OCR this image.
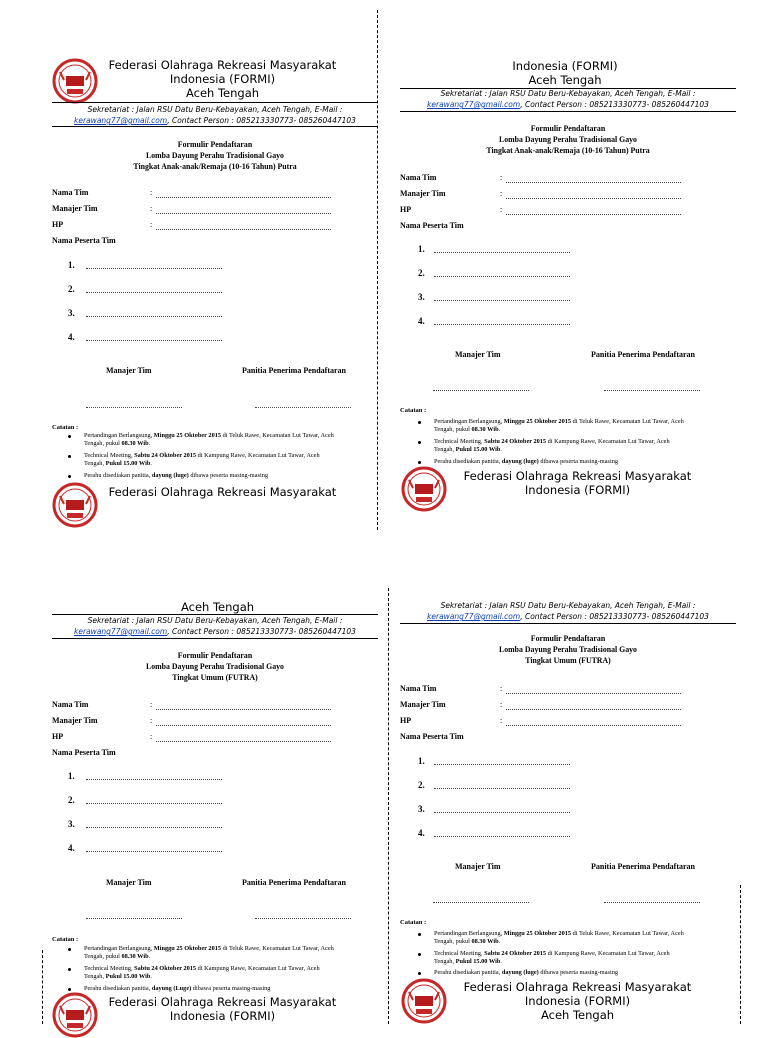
Federasi Olahraga Rekreasi Masyarakat
Indonesia (FORMI)
Aceh Tengah
Sekretariat : Jalan RSU Datu Beru-Kebayakan, Aceh Tengah, E-Mail :
kerawang77@gmail.com, Contact Person : 085213330773- 085260447103
Formulir Pendaftaran
Lomba Dayung Perahu Tradisional Gayo
Tingkat Anak-anak/Remaja (10-16 Tahun) Putra
Nama Tim	:
Manajer Tim	:
HP	:
Nama Peserta Tim
1.
2.
3.
4.
Manajer Tim	Panitia Penerima Pendaftaran
Catatan :
Pertandingan Berlangsung, Minggu 25 Oktober 2015 di Teluk Rawe, Kecamatan Lut Tawar, Aceh
Tengah, pukul 08.30 Wib.
Technical Meeting, Sabtu 24 Oktober 2015 di Kampung Rawe, Kecamatan Lut Tawar, Aceh
Tengah, Pukul 15.00 Wib.
Perahu disediakan panitia, dayung (luge) dibawa peserta masing-masing
Federasi Olahraga Rekreasi Masyarakat
Indonesia (FORMI)
Aceh Tengah
Sekretariat : Jalan RSU Datu Beru-Kebayakan, Aceh Tengah, E-Mail :
kerawang77@gmail.com, Contact Person : 085213330773- 085260447103
Formulir Pendaftaran
Lomba Dayung Perahu Tradisional Gayo
Tingkat Anak-anak/Remaja (10-16 Tahun) Putra
Nama Tim	:
Manajer Tim	:
HP	:
Nama Peserta Tim
1.
2.
3.
4.
Manajer Tim	Panitia Penerima Pendaftaran
Catatan :
Pertandingan Berlangsung, Minggu 25 Oktober 2015 di Teluk Rawe, Kecamatan Lut Tawar, Aceh
Tengah, pukul 08.30 Wib.
Technical Meeting, Sabtu 24 Oktober 2015 di Kampung Rawe, Kecamatan Lut Tawar, Aceh
Tengah, Pukul 15.00 Wib.
Perahu disediakan panitia, dayung (luge) dibawa peserta masing-masing
Federasi Olahraga Rekreasi Masyarakat
Indonesia (FORMI)
Aceh Tengah
Sekretariat : Jalan RSU Datu Beru-Kebayakan, Aceh Tengah, E-Mail :
kerawang77@gmail.com, Contact Person : 085213330773- 085260447103
Formulir Pendaftaran
Lomba Dayung Perahu Tradisional Gayo
Tingkat Umum (FUTRA)
Nama Tim	:
Manajer Tim	:
HP	:
Nama Peserta Tim
1.
2.
3.
4.
Manajer Tim	Panitia Penerima Pendaftaran
Catatan :
Pertandingan Berlangsung, Minggu 25 Oktober 2015 di Teluk Rawe, Kecamatan Lut Tawar, Aceh
Tengah, pukul 08.30 Wib.
Technical Meeting, Sabtu 24 Oktober 2015 di Kampung Rawe, Kecamatan Lut Tawar, Aceh
Tengah, Pukul 15.00 Wib.
Perahu disediakan panitia, dayung (Luge) dibawa peserta masing-masing
Federasi Olahraga Rekreasi Masyarakat
Indonesia (FORMI)
Sekretariat : Jalan RSU Datu Beru-Kebayakan, Aceh Tengah, E-Mail :
kerawang77@gmail.com, Contact Person : 085213330773- 085260447103
Formulir Pendaftaran
Lomba Dayung Perahu Tradisional Gayo
Tingkat Umum (FUTRA)
Nama Tim	:
Manajer Tim	:
HP	:
Nama Peserta Tim
1.
2.
3.
4.
Manajer Tim	Panitia Penerima Pendaftaran
Catatan :
Pertandingan Berlangsung, Minggu 25 Oktober 2015 di Teluk Rawe, Kecamatan Lut Tawar, Aceh
Tengah, pukul 08.30 Wib.
Technical Meeting, Sabtu 24 Oktober 2015 di Kampung Rawe, Kecamatan Lut Tawar, Aceh
Tengah, Pukul 15.00 Wib.
Perahu disediakan panitia, dayung (luge) dibawa peserta masing-masing
Federasi Olahraga Rekreasi Masyarakat
Indonesia (FORMI)
Aceh Tengah
